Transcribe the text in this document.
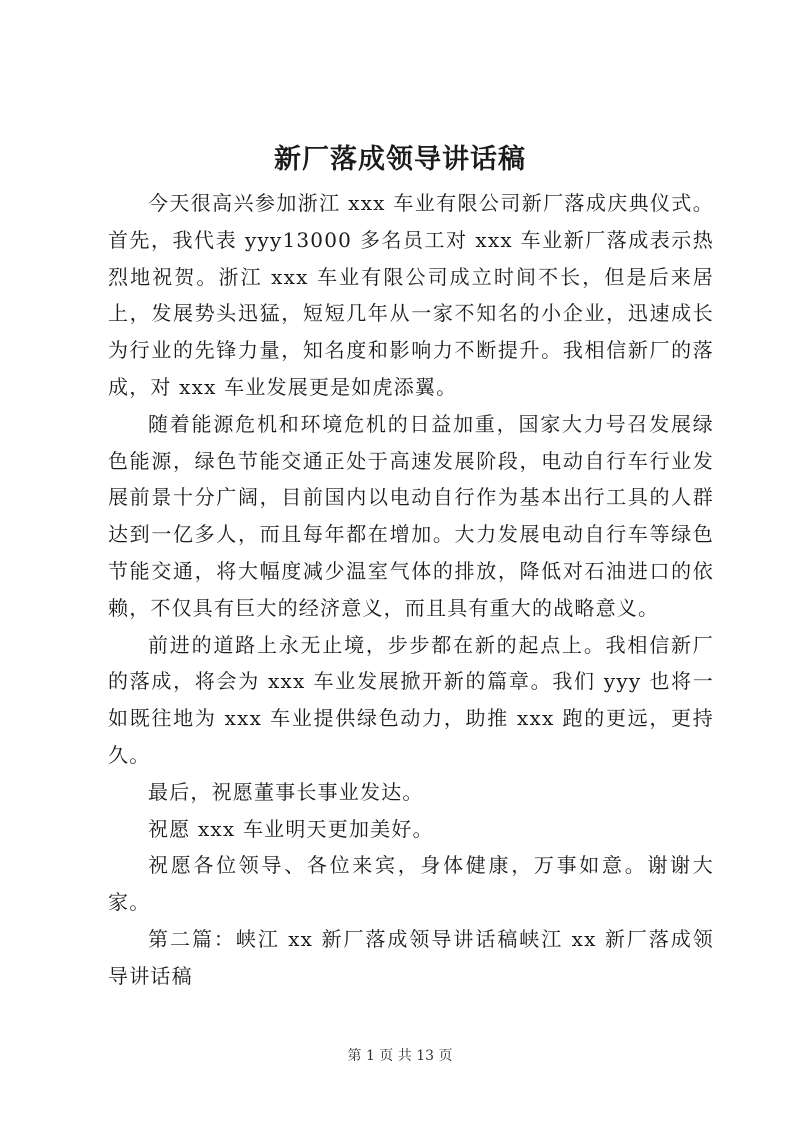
新厂落成领导讲话稿

今天很高兴参加浙江 xxx 车业有限公司新厂落成庆典仪式。首先，我代表 yyy13000 多名员工对 xxx 车业新厂落成表示热烈地祝贺。浙江 xxx 车业有限公司成立时间不长，但是后来居上，发展势头迅猛，短短几年从一家不知名的小企业，迅速成长为行业的先锋力量，知名度和影响力不断提升。我相信新厂的落成，对 xxx 车业发展更是如虎添翼。

随着能源危机和环境危机的日益加重，国家大力号召发展绿色能源，绿色节能交通正处于高速发展阶段，电动自行车行业发展前景十分广阔，目前国内以电动自行作为基本出行工具的人群达到一亿多人，而且每年都在增加。大力发展电动自行车等绿色节能交通，将大幅度减少温室气体的排放，降低对石油进口的依赖，不仅具有巨大的经济意义，而且具有重大的战略意义。

前进的道路上永无止境，步步都在新的起点上。我相信新厂的落成，将会为 xxx 车业发展掀开新的篇章。我们 yyy 也将一如既往地为 xxx 车业提供绿色动力，助推 xxx 跑的更远，更持久。

最后，祝愿董事长事业发达。

祝愿 xxx 车业明天更加美好。

祝愿各位领导、各位来宾，身体健康，万事如意。谢谢大家。

第二篇：峡江 xx 新厂落成领导讲话稿峡江 xx 新厂落成领导讲话稿

第 1 页 共 13 页
